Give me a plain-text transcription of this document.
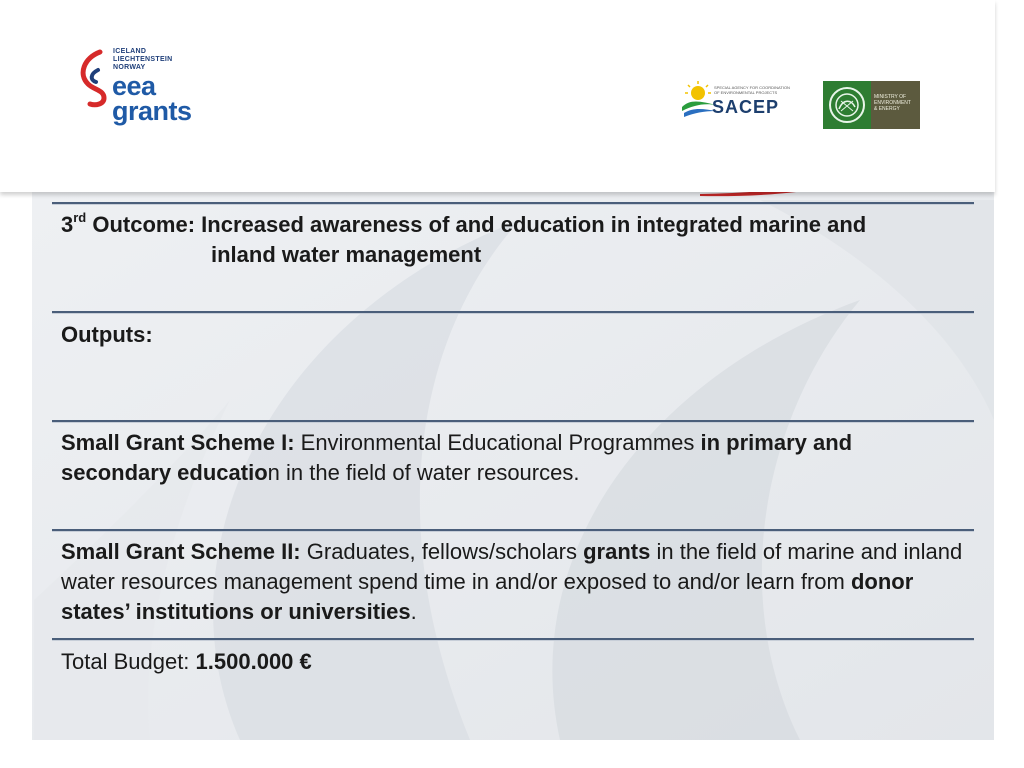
ICELAND
LIECHTENSTEIN
NORWAY
eea
grants
SPECIAL AGENCY FOR COORDINATION
OF ENVIRONMENTAL PROJECTS
SACEP	MINISTRY OF
ENVIRONMENT
& ENERGY
3rd Outcome: Increased awareness of and education in integrated marine and
inland water management
Outputs:
Small Grant Scheme I: Environmental Educational Programmes in primary and secondary education in the field of water resources.
Small Grant Scheme II: Graduates, fellows/scholars grants in the field of marine and inland water resources management spend time in and/or exposed to and/or learn from donor states’ institutions or universities.
Total Budget: 1.500.000 €
